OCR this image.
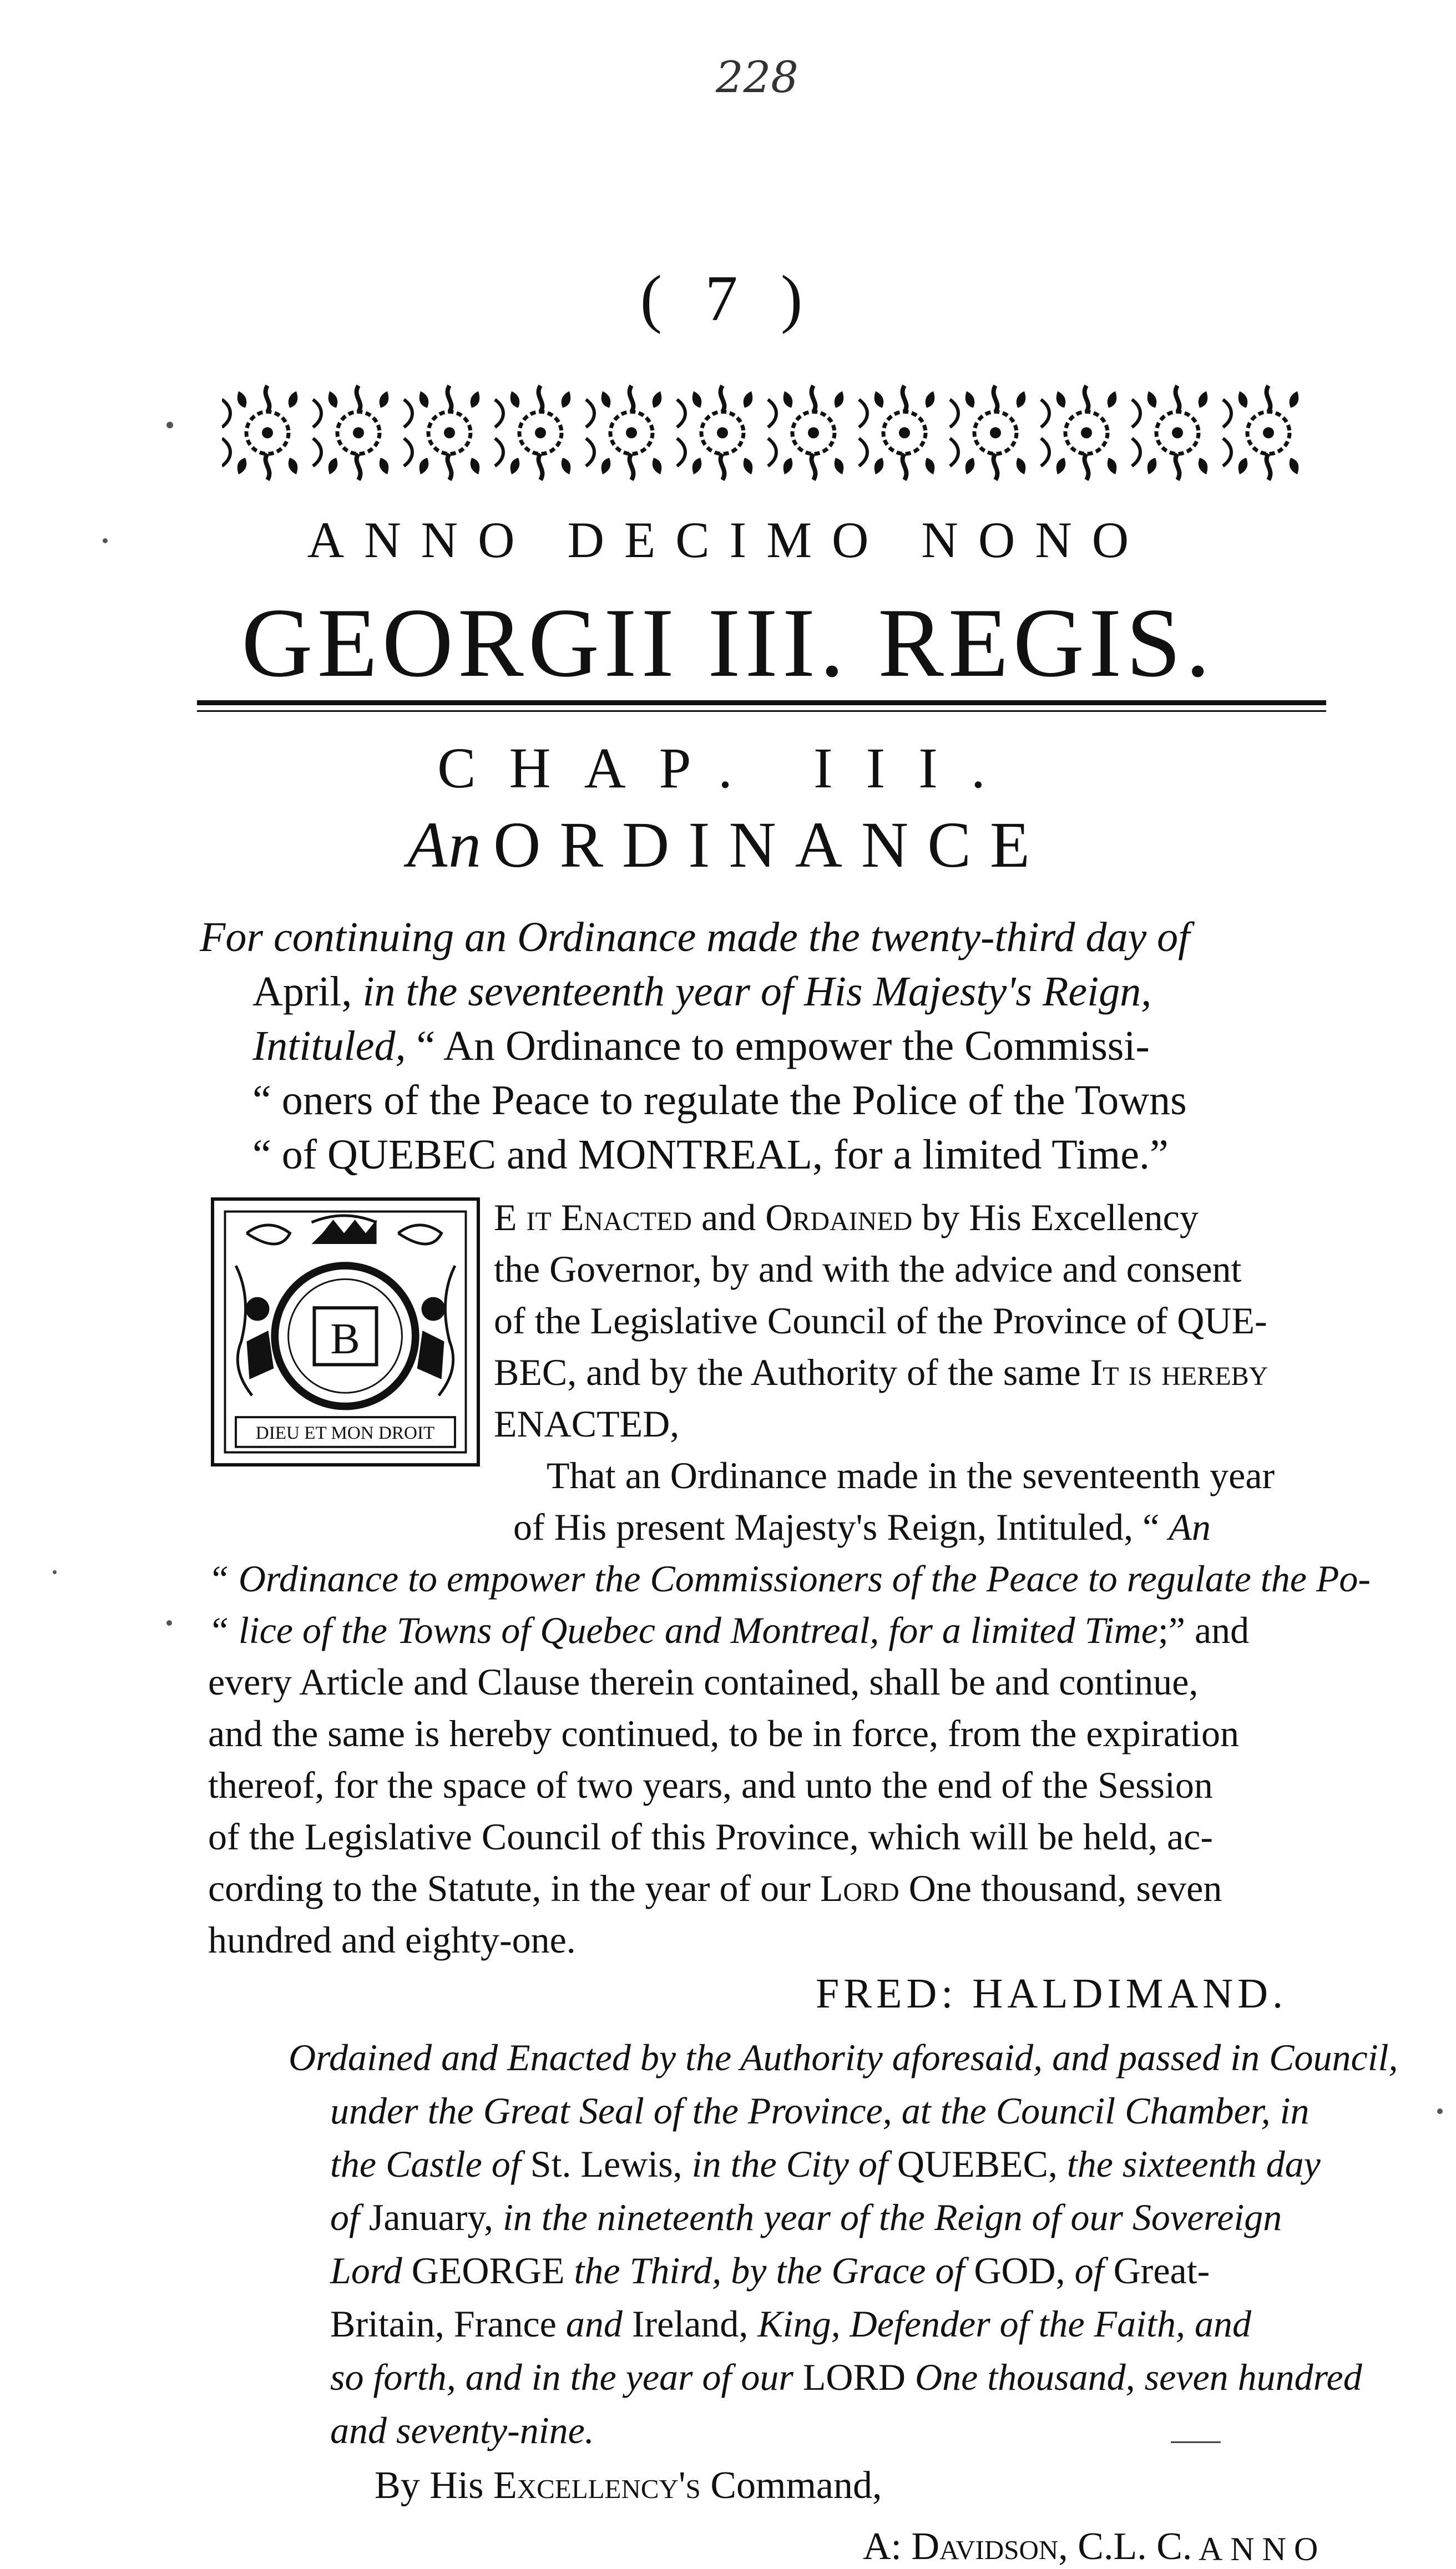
228
( 7 )
ANNO DECIMO NONO
GEORGII III. REGIS.
CHAP. III.
An ORDINANCE
For continuing an Ordinance made the twenty-third day of
April, in the seventeenth year of His Majesty's Reign,
Intituled, “ An Ordinance to empower the Commissi-
“ oners of the Peace to regulate the Police of the Towns
“ of QUEBEC and MONTREAL, for a limited Time.”
B
DIEU ET MON DROIT
E it Enacted and Ordained by His Excellency
the Governor, by and with the advice and consent
of the Legislative Council of the Province of QUE-
BEC, and by the Authority of the same It is hereby
ENACTED,
That an Ordinance made in the seventeenth year
of His present Majesty's Reign, Intituled, “ An
“ Ordinance to empower the Commissioners of the Peace to regulate the Po-
“ lice of the Towns of Quebec and Montreal, for a limited Time;” and
every Article and Clause therein contained, shall be and continue,
and the same is hereby continued, to be in force, from the expiration
thereof, for the space of two years, and unto the end of the Session
of the Legislative Council of this Province, which will be held, ac-
cording to the Statute, in the year of our Lord One thousand, seven
hundred and eighty-one.
FRED: HALDIMAND.
Ordained and Enacted by the Authority aforesaid, and passed in Council,
under the Great Seal of the Province, at the Council Chamber, in
the Castle of St. Lewis, in the City of QUEBEC, the sixteenth day
of January, in the nineteenth year of the Reign of our Sovereign
Lord GEORGE the Third, by the Grace of GOD, of Great-
Britain, France and Ireland, King, Defender of the Faith, and
so forth, and in the year of our LORD One thousand, seven hundred
and seventy-nine.
By His Excellency's Command,
A: Davidson, C.L. C. ANNO
